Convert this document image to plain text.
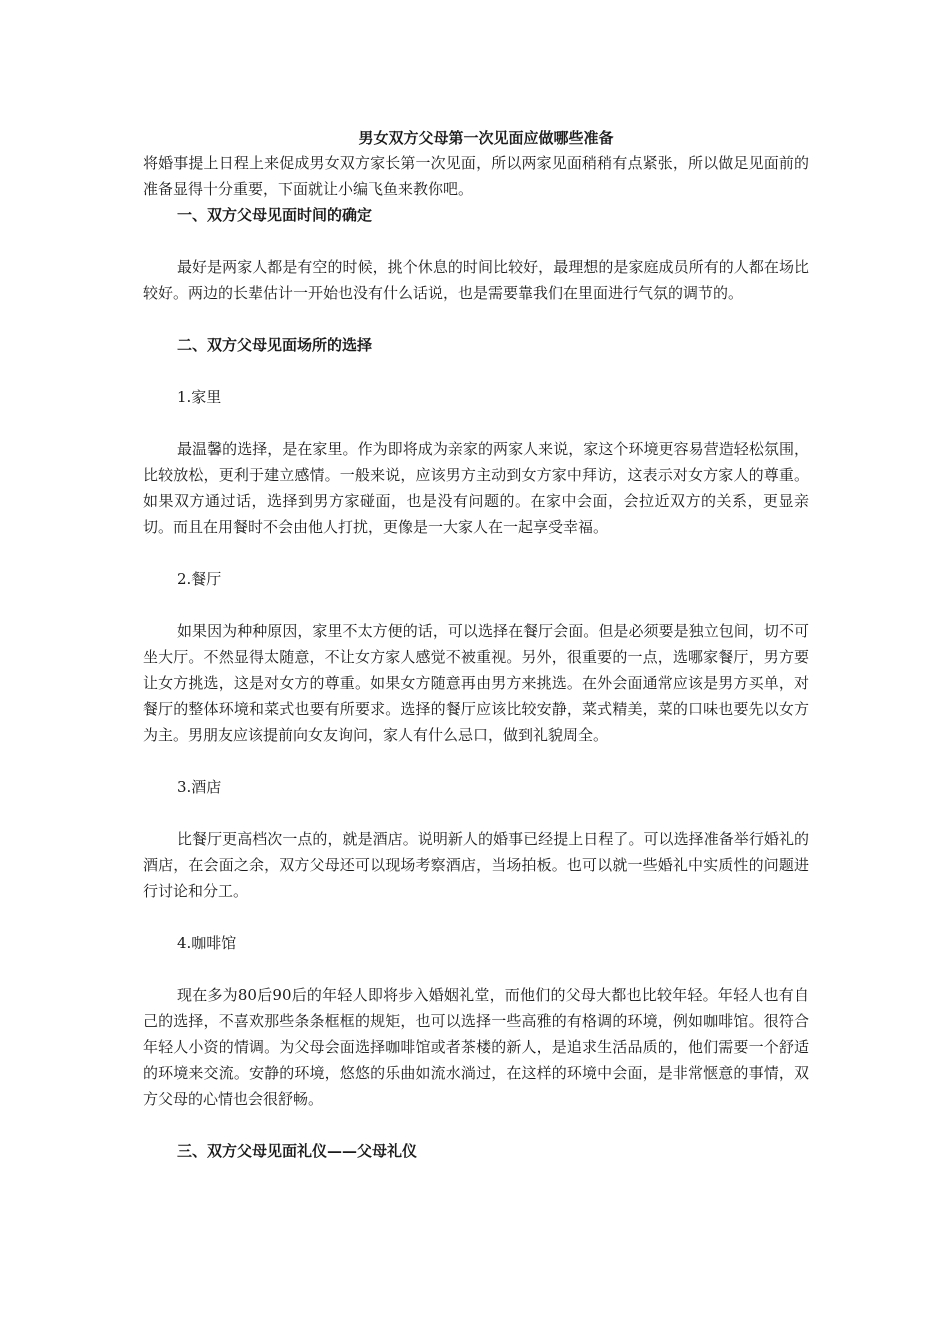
男女双方父母第一次见面应做哪些准备

将婚事提上日程上来促成男女双方家长第一次见面，所以两家见面稍稍有点紧张，所以做足见面前的准备显得十分重要，下面就让小编飞鱼来教你吧。

一、双方父母见面时间的确定

最好是两家人都是有空的时候，挑个休息的时间比较好，最理想的是家庭成员所有的人都在场比较好。两边的长辈估计一开始也没有什么话说，也是需要靠我们在里面进行气氛的调节的。

二、双方父母见面场所的选择

1.家里

最温馨的选择，是在家里。作为即将成为亲家的两家人来说，家这个环境更容易营造轻松氛围，比较放松，更利于建立感情。一般来说，应该男方主动到女方家中拜访，这表示对女方家人的尊重。如果双方通过话，选择到男方家碰面，也是没有问题的。在家中会面，会拉近双方的关系，更显亲切。而且在用餐时不会由他人打扰，更像是一大家人在一起享受幸福。

2.餐厅

如果因为种种原因，家里不太方便的话，可以选择在餐厅会面。但是必须要是独立包间，切不可坐大厅。不然显得太随意，不让女方家人感觉不被重视。另外，很重要的一点，选哪家餐厅，男方要让女方挑选，这是对女方的尊重。如果女方随意再由男方来挑选。在外会面通常应该是男方买单，对餐厅的整体环境和菜式也要有所要求。选择的餐厅应该比较安静，菜式精美，菜的口味也要先以女方为主。男朋友应该提前向女友询问，家人有什么忌口，做到礼貌周全。

3.酒店

比餐厅更高档次一点的，就是酒店。说明新人的婚事已经提上日程了。可以选择准备举行婚礼的酒店，在会面之余，双方父母还可以现场考察酒店，当场拍板。也可以就一些婚礼中实质性的问题进行讨论和分工。

4.咖啡馆

现在多为80后90后的年轻人即将步入婚姻礼堂，而他们的父母大都也比较年轻。年轻人也有自己的选择，不喜欢那些条条框框的规矩，也可以选择一些高雅的有格调的环境，例如咖啡馆。很符合年轻人小资的情调。为父母会面选择咖啡馆或者茶楼的新人，是追求生活品质的，他们需要一个舒适的环境来交流。安静的环境，悠悠的乐曲如流水淌过，在这样的环境中会面，是非常惬意的事情，双方父母的心情也会很舒畅。

三、双方父母见面礼仪——父母礼仪
